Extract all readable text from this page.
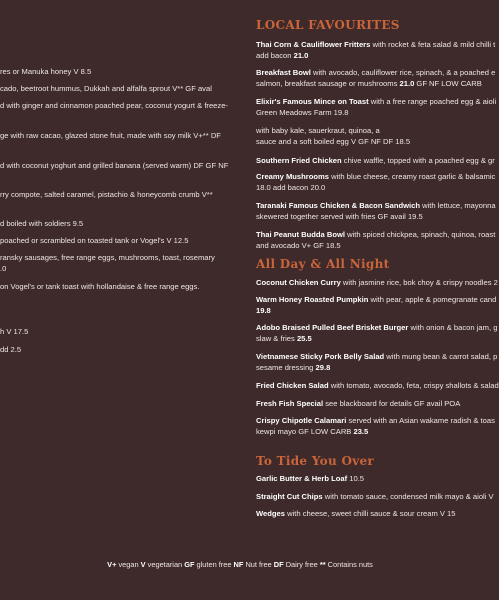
res or Manuka honey V 8.5
cado, beetroot hummus, Dukkah and alfalfa sprout V** GF aval
d with ginger and cinnamon poached pear, coconut yogurt & freeze-
ge with raw cacao, glazed stone fruit, made with soy milk V+** DF
d with coconut yoghurt and grilled banana (served warm) DF GF NF
rry compote, salted caramel, pistachio & honeycomb crumb V**
d boiled with soldiers 9.5
poached or scrambled on toasted tank or Vogel's V 12.5
ransky sausages, free range eggs, mushrooms, toast, rosemary
.0
on Vogel's or tank toast with hollandaise & free range eggs.
h V 17.5
dd 2.5
LOCAL FAVOURITES
Thai Corn & Cauliflower Fritters with rocket & feta salad & mild chilli t
add bacon 21.0
Breakfast Bowl with avocado, cauliflower rice, spinach, & a poached e
salmon, breakfast sausage or mushrooms 21.0 GF NF LOW CARB
Elixir's Famous Mince on Toast with a free range poached egg & aioli
Green Meadows Farm 19.8
with baby kale, sauerkraut, quinoa, a
sauce and a soft boiled egg V GF NF DF 18.5
Southern Fried Chicken chive waffle, topped with a poached egg & gr
Creamy Mushrooms with blue cheese, creamy roast garlic & balsamic
18.0 add bacon 20.0
Taranaki Famous Chicken & Bacon Sandwich with lettuce, mayonna
skewered together served with fries GF avail 19.5
Thai Peanut Budda Bowl with spiced chickpea, spinach, quinoa, roast
and avocado V+ GF 18.5
All Day & All Night
Coconut Chicken Curry with jasmine rice, bok choy & crispy noodles 2
Warm Honey Roasted Pumpkin with pear, apple & pomegranate cand
19.8
Adobo Braised Pulled Beef Brisket Burger with onion & bacon jam, g
slaw & fries 25.5
Vietnamese Sticky Pork Belly Salad with mung bean & carrot salad, p
sesame dressing 29.8
Fried Chicken Salad with tomato, avocado, feta, crispy shallots & salad
Fresh Fish Special see blackboard for details GF avail POA
Crispy Chipotle Calamari served with an Asian wakame radish & toas
kewpi mayo GF LOW CARB 23.5
To Tide You Over
Garlic Butter & Herb Loaf 10.5
Straight Cut Chips with tomato sauce, condensed milk mayo & aioli V
Wedges with cheese, sweet chilli sauce & sour cream V 15
V+ vegan V vegetarian GF gluten free NF Nut free DF Dairy free ** Contains nuts
